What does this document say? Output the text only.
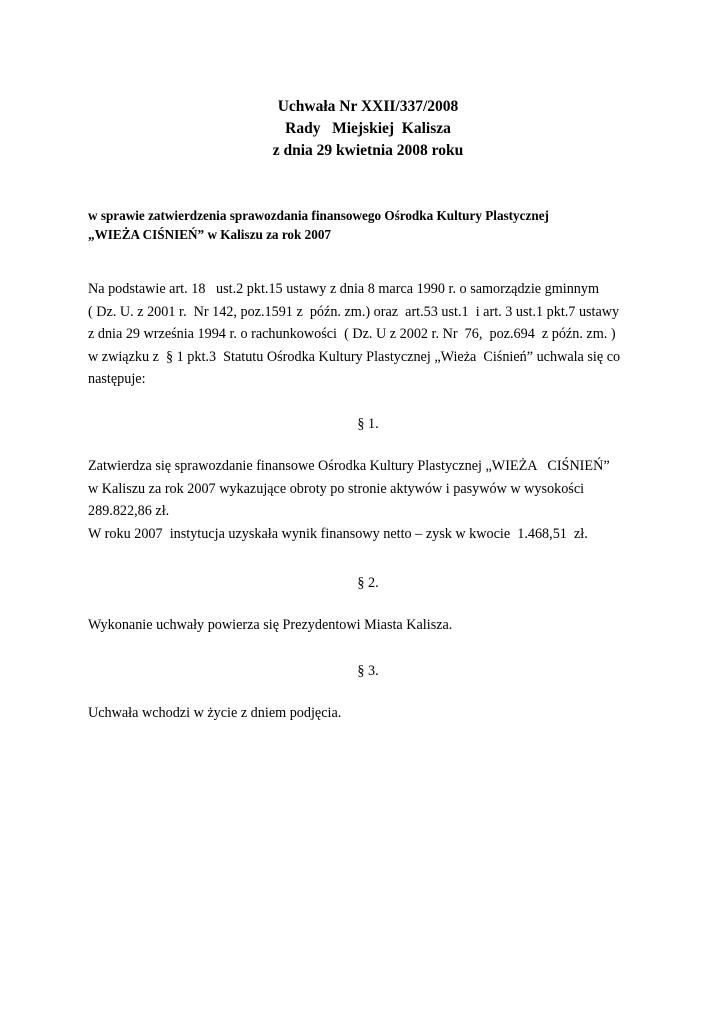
Uchwała Nr XXII/337/2008
Rady   Miejskiej  Kalisza
z dnia 29 kwietnia 2008 roku
w sprawie zatwierdzenia sprawozdania finansowego Ośrodka Kultury Plastycznej
„WIEŻA CIŚNIEŃ” w Kaliszu za rok 2007
Na podstawie art. 18   ust.2 pkt.15 ustawy z dnia 8 marca 1990 r. o samorządzie gminnym
( Dz. U. z 2001 r.  Nr 142, poz.1591 z  późn. zm.) oraz  art.53 ust.1  i art. 3 ust.1 pkt.7 ustawy
z dnia 29 września 1994 r. o rachunkowości  ( Dz. U z 2002 r. Nr  76,  poz.694  z późn. zm. )
w związku z  § 1 pkt.3  Statutu Ośrodka Kultury Plastycznej „Wieża  Ciśnień” uchwala się co
następuje:
§ 1.
Zatwierdza się sprawozdanie finansowe Ośrodka Kultury Plastycznej „WIEŻA   CIŚNIEŃ”
w Kaliszu za rok 2007 wykazujące obroty po stronie aktywów i pasywów w wysokości
289.822,86 zł.
W roku 2007  instytucja uzyskała wynik finansowy netto – zysk w kwocie  1.468,51  zł.
§ 2.
Wykonanie uchwały powierza się Prezydentowi Miasta Kalisza.
§ 3.
Uchwała wchodzi w życie z dniem podjęcia.
